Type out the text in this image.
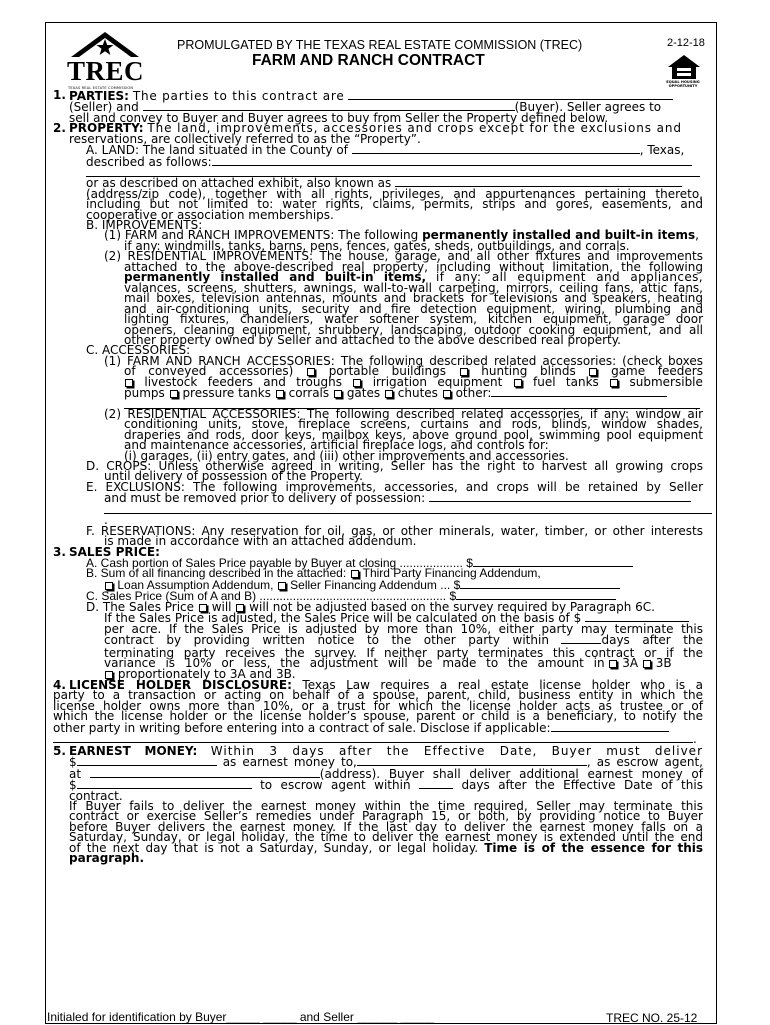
TREC
TEXAS REAL ESTATE COMMISSION
PROMULGATED BY THE TEXAS REAL ESTATE COMMISSION (TREC)	2-12-18
FARM AND RANCH CONTRACT
EQUAL HOUSING OPPORTUNITY
1. PARTIES: The parties to this contract are

(Seller) and	(Buyer). Seller agrees to

sell and convey to Buyer and Buyer agrees to buy from Seller the Property defined below.

2. PROPERTY: The land, improvements, accessories and crops except for the exclusions and

reservations, are collectively referred to as the “Property”.

A. LAND: The land situated in the County of	, Texas,

described as follows:

or as described on attached exhibit, also known as

(address/zip code), together with all rights, privileges, and appurtenances pertaining thereto,

including but not limited to: water rights, claims, permits, strips and gores, easements, and

cooperative or association memberships.

B. IMPROVEMENTS:

(1) FARM and RANCH IMPROVEMENTS: The following permanently installed and built-in items,

if any: windmills, tanks, barns, pens, fences, gates, sheds, outbuildings, and corrals.

(2) RESIDENTIAL IMPROVEMENTS: The house, garage, and all other fixtures and improvements

attached to the above-described real property, including without limitation, the following

permanently installed and built-in items, if any: all equipment and appliances,

valances, screens, shutters, awnings, wall-to-wall carpeting, mirrors, ceiling fans, attic fans,

mail boxes, television antennas, mounts and brackets for televisions and speakers, heating

and air-conditioning units, security and fire detection equipment, wiring, plumbing and

lighting fixtures, chandeliers, water softener system, kitchen equipment, garage door

openers, cleaning equipment, shrubbery, landscaping, outdoor cooking equipment, and all

other property owned by Seller and attached to the above described real property.

C. ACCESSORIES:

(1) FARM AND RANCH ACCESSORIES: The following described related accessories: (check boxes

of conveyed accessories)	portable buildings	hunting blinds	game feeders

livestock feeders and troughs	irrigation equipment	fuel tanks	submersible

pumps pressure tanks corrals gates chutes other:

(2) RESIDENTIAL ACCESSORIES: The following described related accessories, if any: window air

conditioning units, stove, fireplace screens, curtains and rods, blinds, window shades,

draperies and rods, door keys, mailbox keys, above ground pool, swimming pool equipment

and maintenance accessories, artificial fireplace logs, and controls for:

(i) garages, (ii) entry gates, and (iii) other improvements and accessories.

D. CROPS: Unless otherwise agreed in writing, Seller has the right to harvest all growing crops

until delivery of possession of the Property.

E. EXCLUSIONS: The following improvements, accessories, and crops will be retained by Seller

and must be removed prior to delivery of possession:

.

F. RESERVATIONS: Any reservation for oil, gas, or other minerals, water, timber, or other interests

is made in accordance with an attached addendum.

3. SALES PRICE:

A. Cash portion of Sales Price payable by Buyer at closing ................... $

B. Sum of all financing described in the attached: Third Party Financing Addendum,

Loan Assumption Addendum, Seller Financing Addendum ... $

C. Sales Price (Sum of A and B) ........................................................ $

D. The Sales Price will will not be adjusted based on the survey required by Paragraph 6C.

If the Sales Price is adjusted, the Sales Price will be calculated on the basis of $

per acre. If the Sales Price is adjusted by more than 10%, either party may terminate this

contract by providing written notice to the other party within	days after the

terminating party receives the survey. If neither party terminates this contract or if the

variance is 10% or less, the adjustment will be made to the amount in 3A 3B

proportionately to 3A and 3B.

4. LICENSE HOLDER DISCLOSURE: Texas Law requires a real estate license holder who is a

party to a transaction or acting on behalf of a spouse, parent, child, business entity in which the

license holder owns more than 10%, or a trust for which the license holder acts as trustee or of

which the license holder or the license holder’s spouse, parent or child is a beneficiary, to notify the

other party in writing before entering into a contract of sale. Disclose if applicable:

.

5. EARNEST MONEY: Within 3 days after the Effective Date, Buyer must deliver

$	as earnest money to,	, as escrow agent,

at	(address). Buyer shall deliver additional earnest money of

$	to escrow agent within	days after the Effective Date of this contract.

If Buyer fails to deliver the earnest money within the time required, Seller may terminate this

contract or exercise Seller’s remedies under Paragraph 15, or both, by providing notice to Buyer

before Buyer delivers the earnest money. If the last day to deliver the earnest money falls on a

Saturday, Sunday, or legal holiday, the time to deliver the earnest money is extended until the end

of the next day that is not a Saturday, Sunday, or legal holiday. Time is of the essence for this

paragraph.

Initialed for identification by Buyer_____ _____ and Seller ______ _____	TREC NO. 25-12
